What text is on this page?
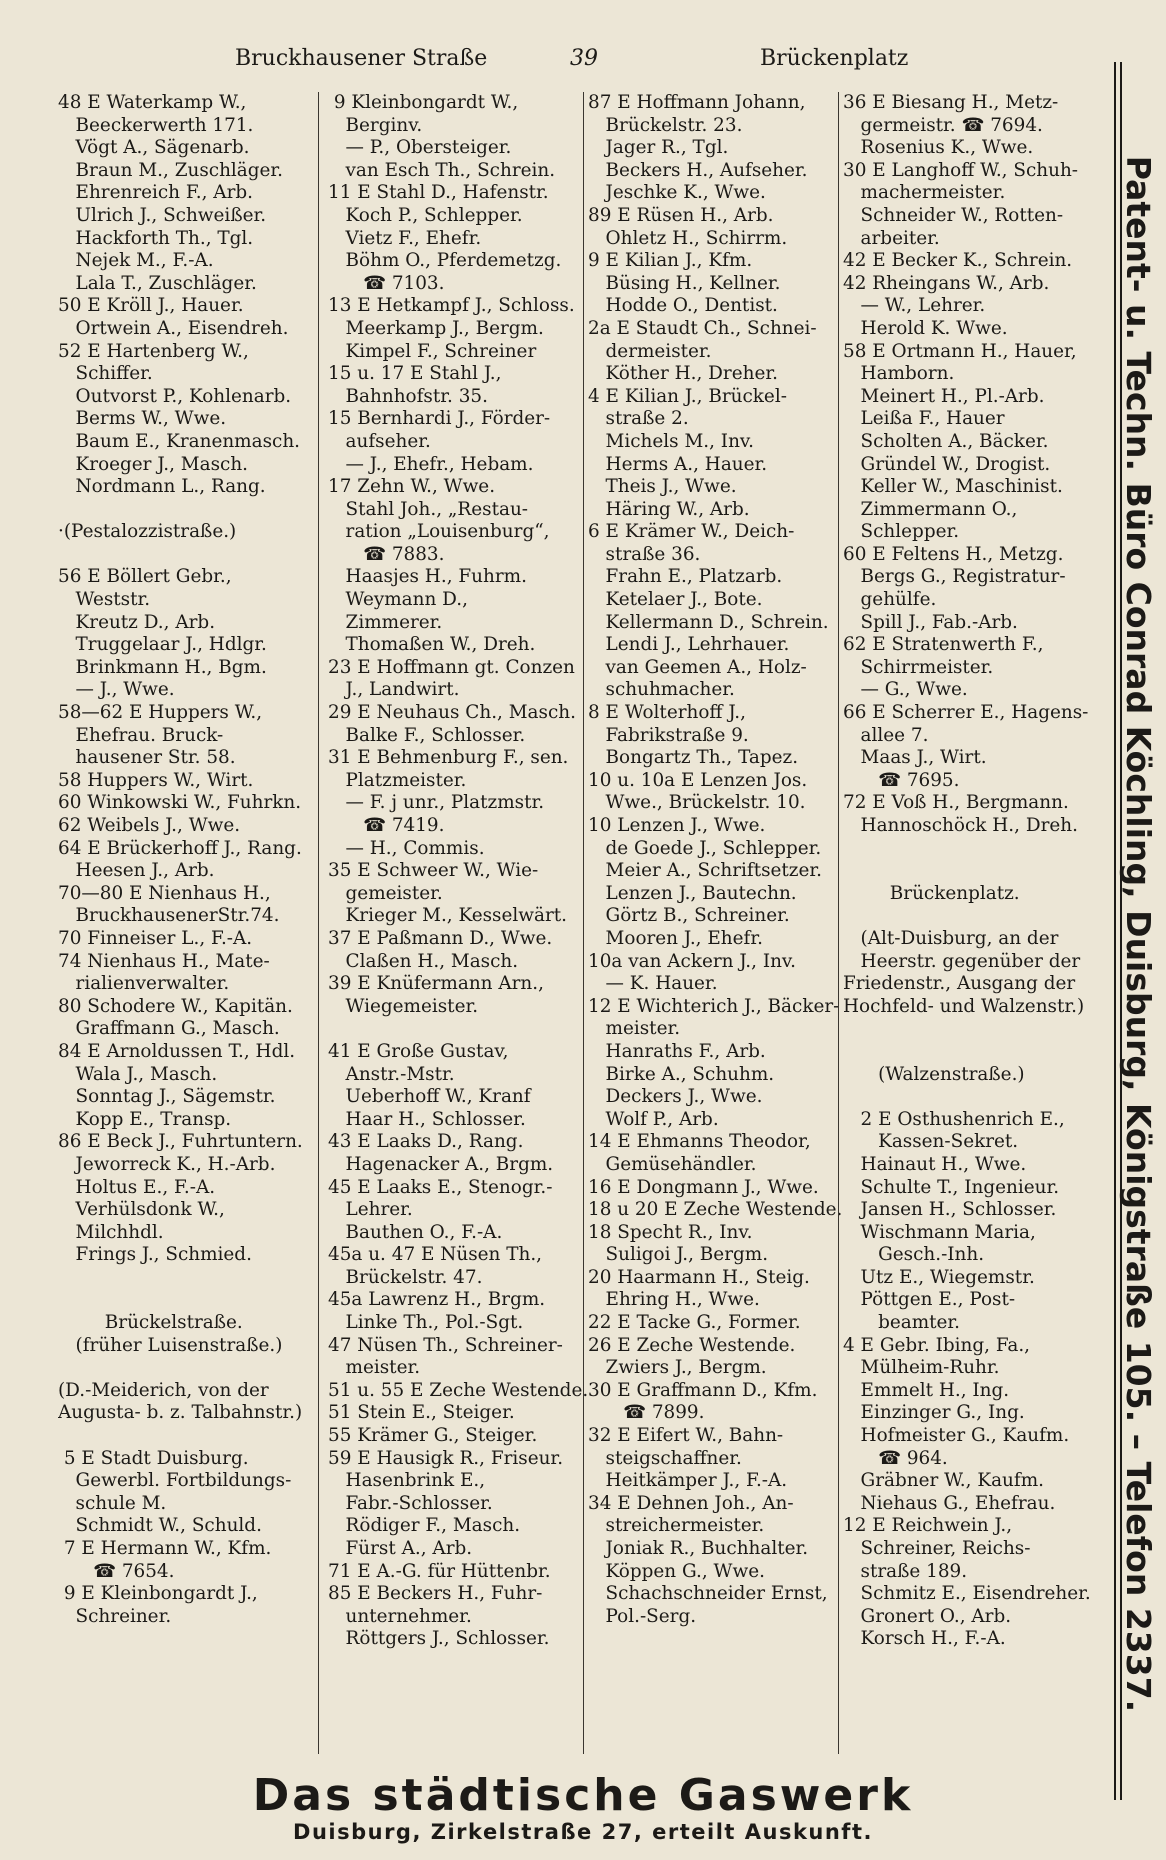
Bruckhausener Straße	39	Brückenplatz
48 E Waterkamp W.,
Beeckerwerth 171.
Vögt A., Sägenarb.
Braun M., Zuschläger.
Ehrenreich F., Arb.
Ulrich J., Schweißer.
Hackforth Th., Tgl.
Nejek M., F.-A.
Lala T., Zuschläger.
50 E Kröll J., Hauer.
Ortwein A., Eisendreh.
52 E Hartenberg W.,
Schiffer.
Outvorst P., Kohlenarb.
Berms W., Wwe.
Baum E., Kranenmasch.
Kroeger J., Masch.
Nordmann L., Rang.
·(Pestalozzistraße.)
56 E Böllert Gebr.,
Weststr.
Kreutz D., Arb.
Truggelaar J., Hdlgr.
Brinkmann H., Bgm.
— J., Wwe.
58—62 E Huppers W.,
Ehefrau. Bruck-
hausener Str. 58.
58 Huppers W., Wirt.
60 Winkowski W., Fuhrkn.
62 Weibels J., Wwe.
64 E Brückerhoff J., Rang.
Heesen J., Arb.
70—80 E Nienhaus H.,
BruckhausenerStr.74.
70 Finneiser L., F.-A.
74 Nienhaus H., Mate-
rialienverwalter.
80 Schodere W., Kapitän.
Graffmann G., Masch.
84 E Arnoldussen T., Hdl.
Wala J., Masch.
Sonntag J., Sägemstr.
Kopp E., Transp.
86 E Beck J., Fuhrtuntern.
Jeworreck K., H.-Arb.
Holtus E., F.-A.
Verhülsdonk W.,
Milchhdl.
Frings J., Schmied.
Brückelstraße.
(früher Luisenstraße.)
(D.-Meiderich, von der
Augusta- b. z. Talbahnstr.)
5 E Stadt Duisburg.
Gewerbl. Fortbildungs-
schule M.
Schmidt W., Schuld.
7 E Hermann W., Kfm.
☎ 7654.
9 E Kleinbongardt J.,
Schreiner.
9 Kleinbongardt W.,
Berginv.
— P., Obersteiger.
van Esch Th., Schrein.
11 E Stahl D., Hafenstr.
Koch P., Schlepper.
Vietz F., Ehefr.
Böhm O., Pferdemetzg.
☎ 7103.
13 E Hetkampf J., Schloss.
Meerkamp J., Bergm.
Kimpel F., Schreiner
15 u. 17 E Stahl J.,
Bahnhofstr. 35.
15 Bernhardi J., Förder-
aufseher.
— J., Ehefr., Hebam.
17 Zehn W., Wwe.
Stahl Joh., „Restau-
ration „Louisenburg“,
☎ 7883.
Haasjes H., Fuhrm.
Weymann D.,
Zimmerer.
Thomaßen W., Dreh.
23 E Hoffmann gt. Conzen
J., Landwirt.
29 E Neuhaus Ch., Masch.
Balke F., Schlosser.
31 E Behmenburg F., sen.
Platzmeister.
— F. j unr., Platzmstr.
☎ 7419.
— H., Commis.
35 E Schweer W., Wie-
gemeister.
Krieger M., Kesselwärt.
37 E Paßmann D., Wwe.
Claßen H., Masch.
39 E Knüfermann Arn.,
Wiegemeister.
41 E Große Gustav,
Anstr.-Mstr.
Ueberhoff W., Kranf
Haar H., Schlosser.
43 E Laaks D., Rang.
Hagenacker A., Brgm.
45 E Laaks E., Stenogr.-
Lehrer.
Bauthen O., F.-A.
45a u. 47 E Nüsen Th.,
Brückelstr. 47.
45a Lawrenz H., Brgm.
Linke Th., Pol.-Sgt.
47 Nüsen Th., Schreiner-
meister.
51 u. 55 E Zeche Westende.
51 Stein E., Steiger.
55 Krämer G., Steiger.
59 E Hausigk R., Friseur.
Hasenbrink E.,
Fabr.-Schlosser.
Rödiger F., Masch.
Fürst A., Arb.
71 E A.-G. für Hüttenbr.
85 E Beckers H., Fuhr-
unternehmer.
Röttgers J., Schlosser.
87 E Hoffmann Johann,
Brückelstr. 23.
Jager R., Tgl.
Beckers H., Aufseher.
Jeschke K., Wwe.
89 E Rüsen H., Arb.
Ohletz H., Schirrm.
9 E Kilian J., Kfm.
Büsing H., Kellner.
Hodde O., Dentist.
2a E Staudt Ch., Schnei-
dermeister.
Köther H., Dreher.
4 E Kilian J., Brückel-
straße 2.
Michels M., Inv.
Herms A., Hauer.
Theis J., Wwe.
Häring W., Arb.
6 E Krämer W., Deich-
straße 36.
Frahn E., Platzarb.
Ketelaer J., Bote.
Kellermann D., Schrein.
Lendi J., Lehrhauer.
van Geemen A., Holz-
schuhmacher.
8 E Wolterhoff J.,
Fabrikstraße 9.
Bongartz Th., Tapez.
10 u. 10a E Lenzen Jos.
Wwe., Brückelstr. 10.
10 Lenzen J., Wwe.
de Goede J., Schlepper.
Meier A., Schriftsetzer.
Lenzen J., Bautechn.
Görtz B., Schreiner.
Mooren J., Ehefr.
10a van Ackern J., Inv.
— K. Hauer.
12 E Wichterich J., Bäcker-
meister.
Hanraths F., Arb.
Birke A., Schuhm.
Deckers J., Wwe.
Wolf P., Arb.
14 E Ehmanns Theodor,
Gemüsehändler.
16 E Dongmann J., Wwe.
18 u 20 E Zeche Westende.
18 Specht R., Inv.
Suligoi J., Bergm.
20 Haarmann H., Steig.
Ehring H., Wwe.
22 E Tacke G., Former.
26 E Zeche Westende.
Zwiers J., Bergm.
30 E Graffmann D., Kfm.
☎ 7899.
32 E Eifert W., Bahn-
steigschaffner.
Heitkämper J., F.-A.
34 E Dehnen Joh., An-
streichermeister.
Joniak R., Buchhalter.
Köppen G., Wwe.
Schachschneider Ernst,
Pol.-Serg.
36 E Biesang H., Metz-
germeistr. ☎ 7694.
Rosenius K., Wwe.
30 E Langhoff W., Schuh-
machermeister.
Schneider W., Rotten-
arbeiter.
42 E Becker K., Schrein.
42 Rheingans W., Arb.
— W., Lehrer.
Herold K. Wwe.
58 E Ortmann H., Hauer,
Hamborn.
Meinert H., Pl.-Arb.
Leißa F., Hauer
Scholten A., Bäcker.
Gründel W., Drogist.
Keller W., Maschinist.
Zimmermann O.,
Schlepper.
60 E Feltens H., Metzg.
Bergs G., Registratur-
gehülfe.
Spill J., Fab.-Arb.
62 E Stratenwerth F.,
Schirrmeister.
— G., Wwe.
66 E Scherrer E., Hagens-
allee 7.
Maas J., Wirt.
☎ 7695.
72 E Voß H., Bergmann.
Hannoschöck H., Dreh.
Brückenplatz.
(Alt-Duisburg, an der
Heerstr. gegenüber der
Friedenstr., Ausgang der
Hochfeld- und Walzenstr.)
(Walzenstraße.)
2 E Osthushenrich E.,
Kassen-Sekret.
Hainaut H., Wwe.
Schulte T., Ingenieur.
Jansen H., Schlosser.
Wischmann Maria,
Gesch.-Inh.
Utz E., Wiegemstr.
Pöttgen E., Post-
beamter.
4 E Gebr. Ibing, Fa.,
Mülheim-Ruhr.
Emmelt H., Ing.
Einzinger G., Ing.
Hofmeister G., Kaufm.
☎ 964.
Gräbner W., Kaufm.
Niehaus G., Ehefrau.
12 E Reichwein J.,
Schreiner, Reichs-
straße 189.
Schmitz E., Eisendreher.
Gronert O., Arb.
Korsch H., F.-A.	Patent- u. Techn. Büro Conrad Köchling, Duisburg, Königstraße 105. – Telefon 2337.
Das städtische Gaswerk
Duisburg, Zirkelstraße 27, erteilt Auskunft.
